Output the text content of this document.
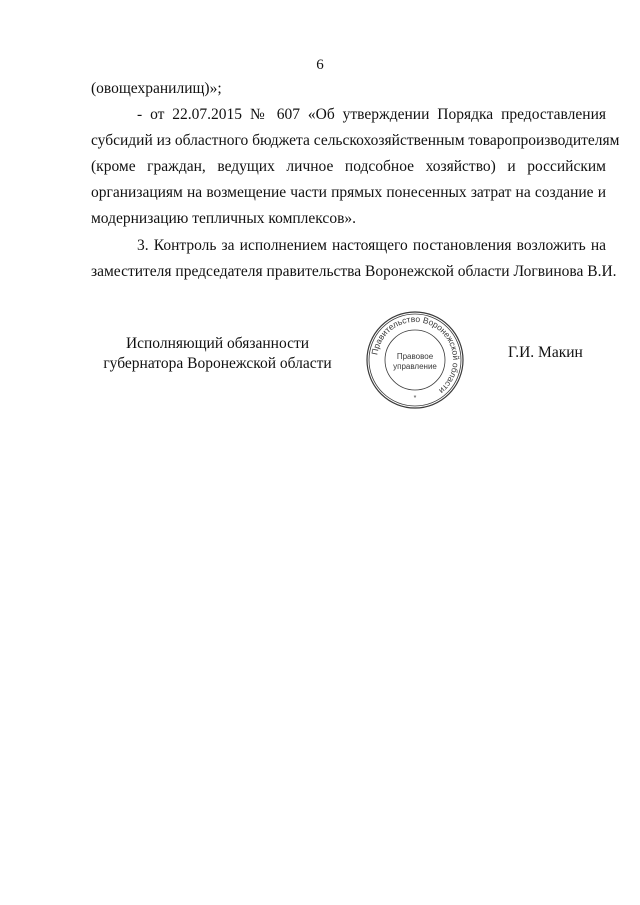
6
(овощехранилищ)»;
- от 22.07.2015 № 607 «Об утверждении Порядка предоставления
субсидий из областного бюджета сельскохозяйственным товаропроизводителям
(кроме граждан, ведущих личное подсобное хозяйство) и российским
организациям на возмещение части прямых понесенных затрат на создание и
модернизацию тепличных комплексов».
3. Контроль за исполнением настоящего постановления возложить на
заместителя председателя правительства Воронежской области Логвинова В.И.
Исполняющий обязанности
губернатора Воронежской области
Правительство Воронежской области
Правовое
управление
*
Г.И. Макин
